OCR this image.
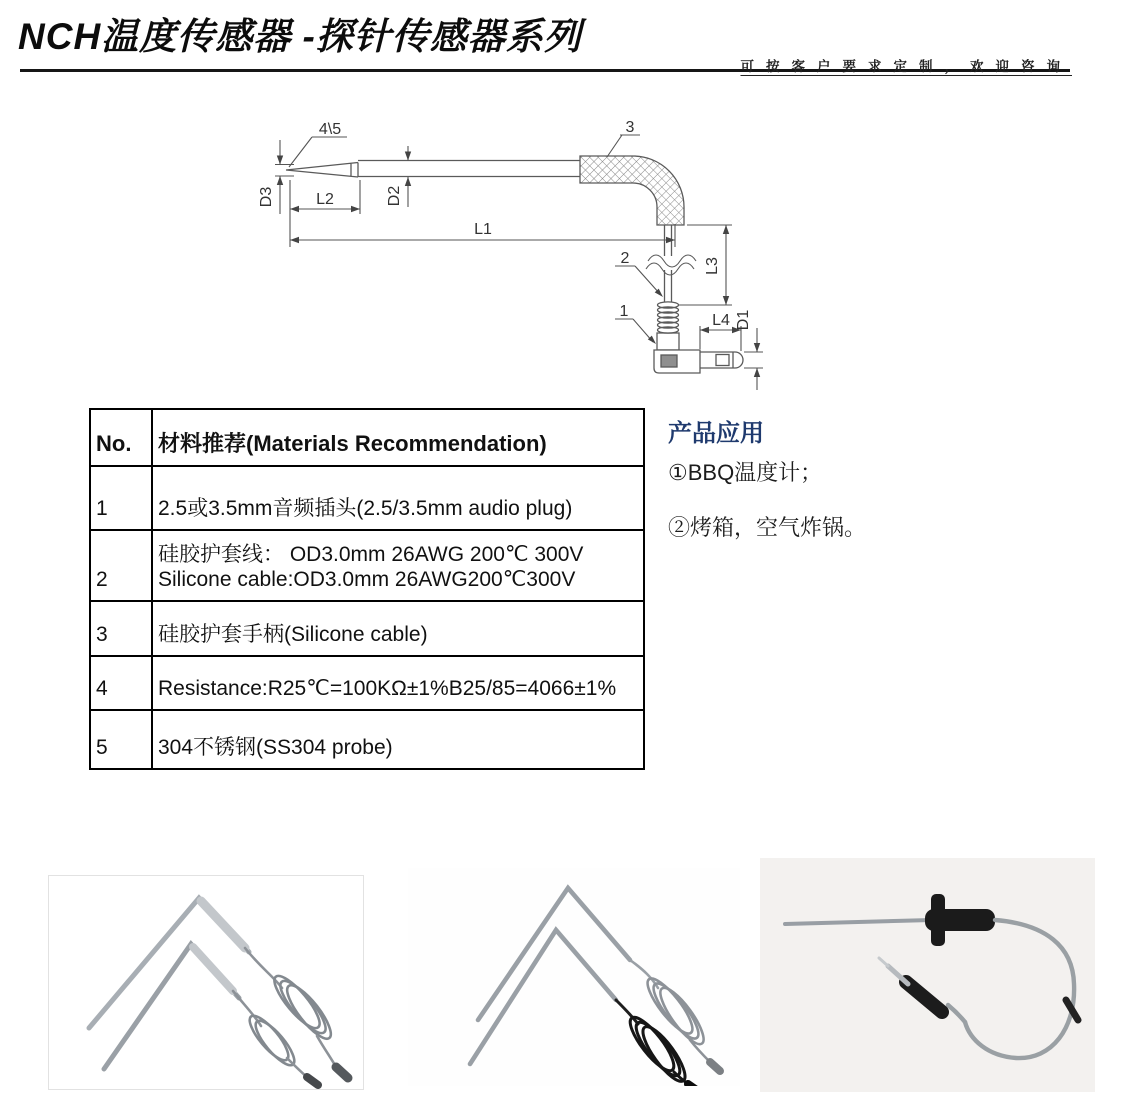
NCH温度传感器 -探针传感器系列
可按客户要求定制，欢迎咨询
4\5	3
2
1
D3	L2	D2
L1
L3
L4 D1
No.	材料推荐(Materials Recommendation)
1	2.5或3.5mm音频插头(2.5/3.5mm audio plug)

2	硅胶护套线： OD3.0mm 26AWG 200℃ 300V
Silicone cable:OD3.0mm 26AWG200℃300V

3	硅胶护套手柄(Silicone cable)

4	Resistance:R25℃=100KΩ±1%B25/85=4066±1%

5	304不锈钢(SS304 probe)
产品应用
①BBQ温度计；
②烤箱，空气炸锅。
